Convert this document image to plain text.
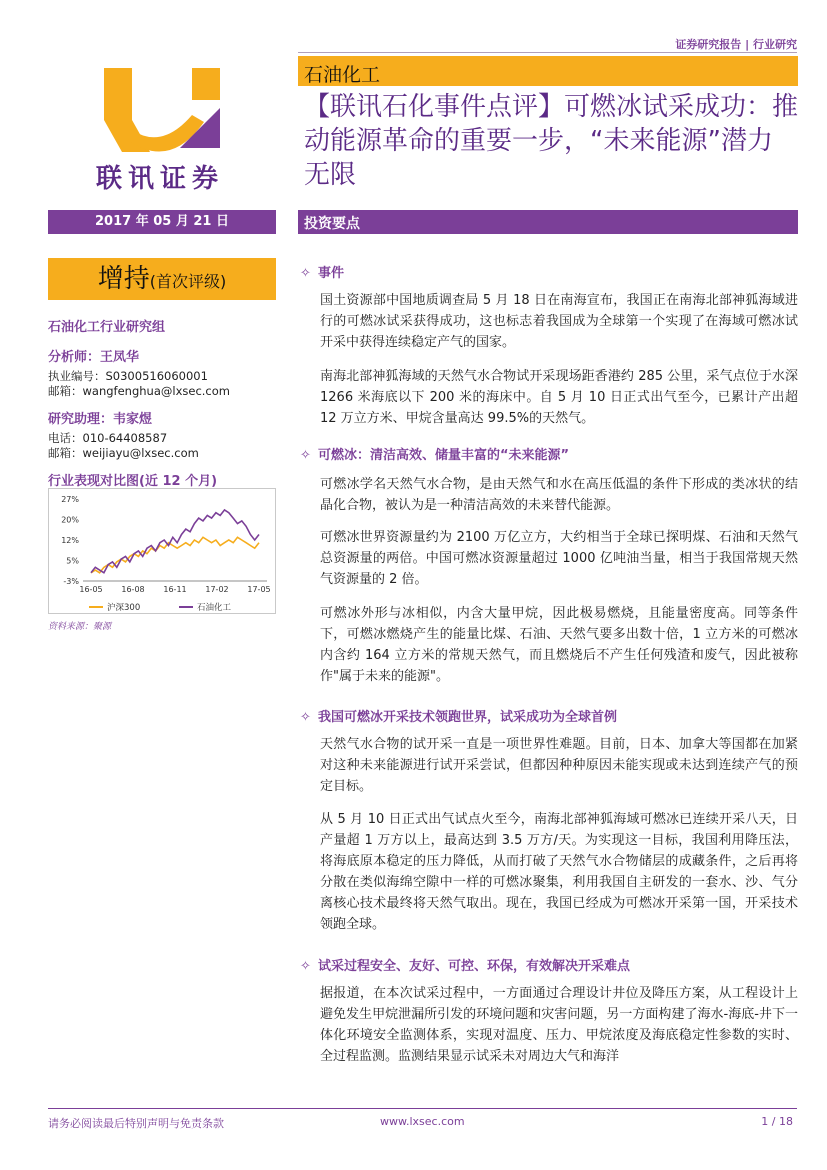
证券研究报告 | 行业研究
联讯证券
石油化工
【联讯石化事件点评】可燃冰试采成功：推动能源革命的重要一步，“未来能源”潜力无限
2017 年 05 月 21 日	投资要点
增持(首次评级)
石油化工行业研究组
分析师：王凤华
执业编号：S0300516060001
邮箱：wangfenghua@lxsec.com
研究助理：韦家煜
电话：010-64408587
邮箱：weijiayu@lxsec.com
行业表现对比图(近 12 个月)
27%
20%
12%
5%
-3%
16-05 16-08 16-11 17-02 17-05
沪深300	石油化工
资料来源：聚源
✧ 事件
国土资源部中国地质调查局 5 月 18 日在南海宣布，我国正在南海北部神狐海域进行的可燃冰试采获得成功，这也标志着我国成为全球第一个实现了在海域可燃冰试开采中获得连续稳定产气的国家。
南海北部神狐海域的天然气水合物试开采现场距香港约 285 公里，采气点位于水深 1266 米海底以下 200 米的海床中。自 5 月 10 日正式出气至今，已累计产出超 12 万立方米、甲烷含量高达 99.5%的天然气。
✧ 可燃冰：清洁高效、储量丰富的“未来能源”
可燃冰学名天然气水合物，是由天然气和水在高压低温的条件下形成的类冰状的结晶化合物，被认为是一种清洁高效的未来替代能源。
可燃冰世界资源量约为 2100 万亿立方，大约相当于全球已探明煤、石油和天然气总资源量的两倍。中国可燃冰资源量超过 1000 亿吨油当量，相当于我国常规天然气资源量的 2 倍。
可燃冰外形与冰相似，内含大量甲烷，因此极易燃烧，且能量密度高。同等条件下，可燃冰燃烧产生的能量比煤、石油、天然气要多出数十倍，1 立方米的可燃冰内含约 164 立方米的常规天然气，而且燃烧后不产生任何残渣和废气，因此被称作"属于未来的能源"。
✧ 我国可燃冰开采技术领跑世界，试采成功为全球首例
天然气水合物的试开采一直是一项世界性难题。目前，日本、加拿大等国都在加紧对这种未来能源进行试开采尝试，但都因种种原因未能实现或未达到连续产气的预定目标。
从 5 月 10 日正式出气试点火至今，南海北部神狐海域可燃冰已连续开采八天，日产量超 1 万方以上，最高达到 3.5 万方/天。为实现这一目标，我国利用降压法，将海底原本稳定的压力降低，从而打破了天然气水合物储层的成藏条件，之后再将分散在类似海绵空隙中一样的可燃冰聚集，利用我国自主研发的一套水、沙、气分离核心技术最终将天然气取出。现在，我国已经成为可燃冰开采第一国，开采技术领跑全球。
✧ 试采过程安全、友好、可控、环保，有效解决开采难点
据报道，在本次试采过程中，一方面通过合理设计井位及降压方案，从工程设计上避免发生甲烷泄漏所引发的环境问题和灾害问题，另一方面构建了海水-海底-井下一体化环境安全监测体系，实现对温度、压力、甲烷浓度及海底稳定性参数的实时、全过程监测。监测结果显示试采未对周边大气和海洋
请务必阅读最后特别声明与免责条款	www.lxsec.com	1 / 18
